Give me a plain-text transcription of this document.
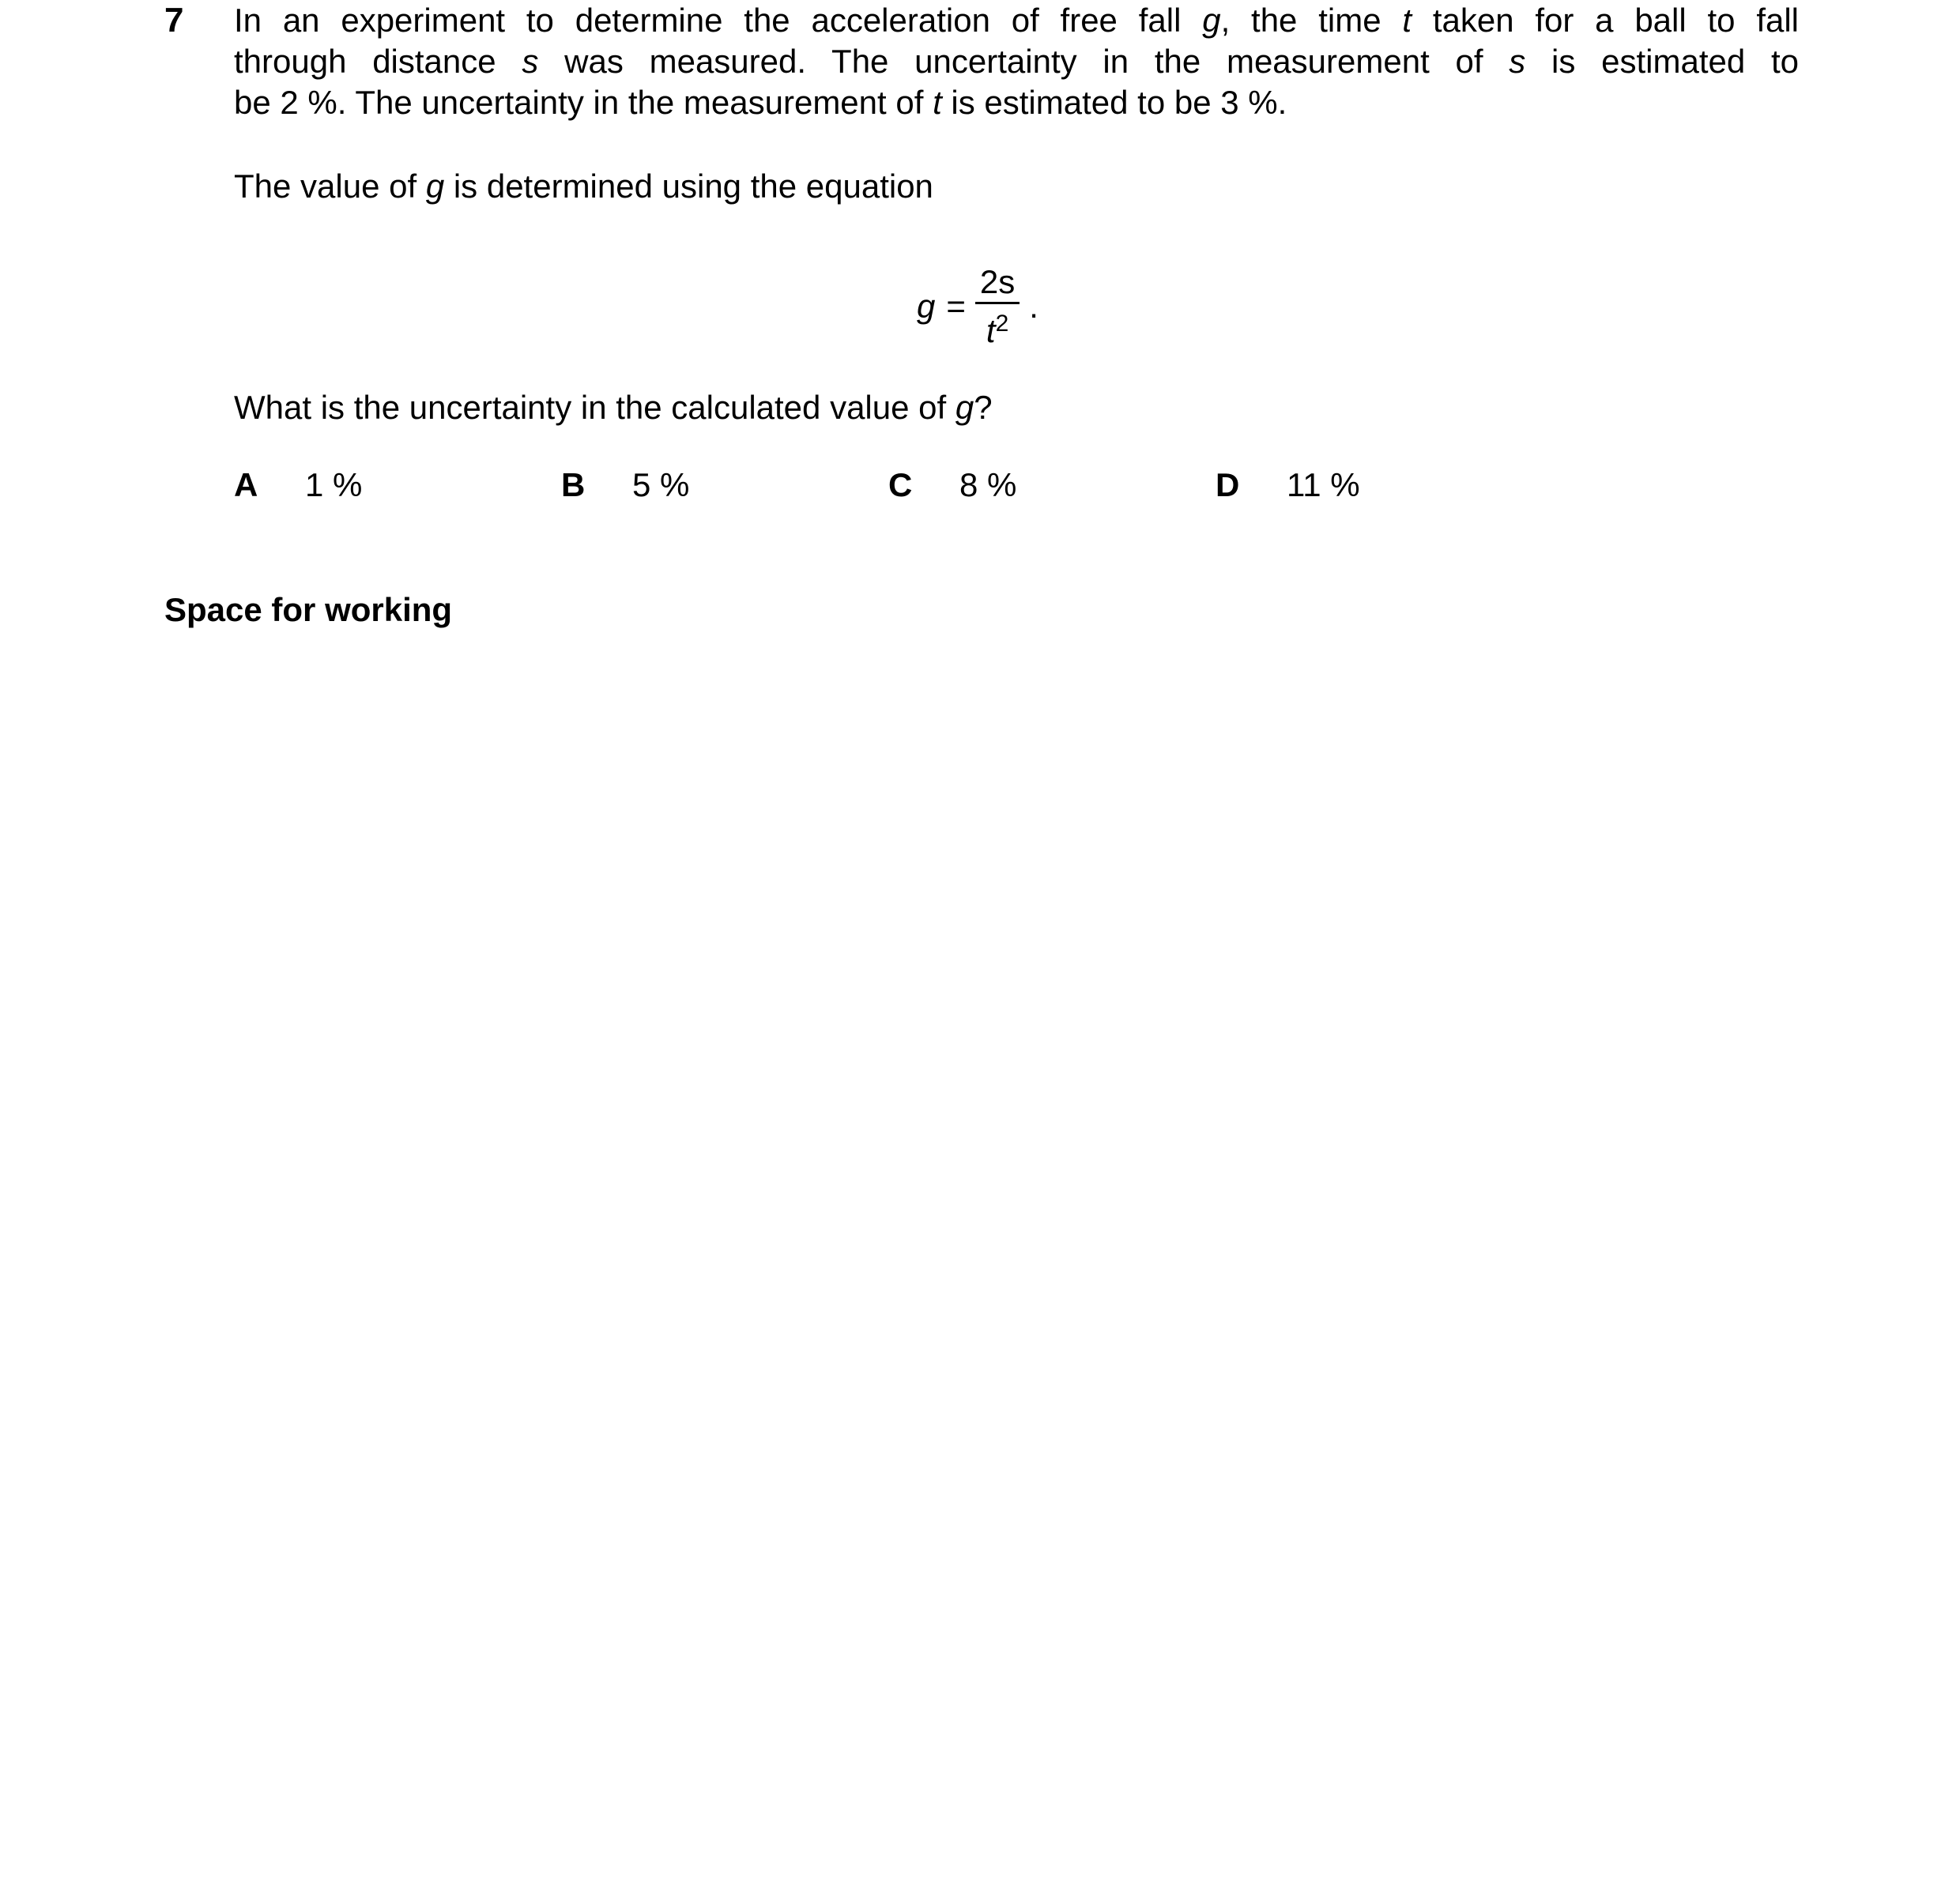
7 In an experiment to determine the acceleration of free fall g, the time t taken for a ball to fall
through distance s was measured. The uncertainty in the measurement of s is estimated to
be 2 %. The uncertainty in the measurement of t is estimated to be 3 %.
The value of g is determined using the equation
$g = \frac{2s}{t^2}$ .
What is the uncertainty in the calculated value of g?
A	1 %	B	5 %	C	8 %	D	11 %
Space for working
